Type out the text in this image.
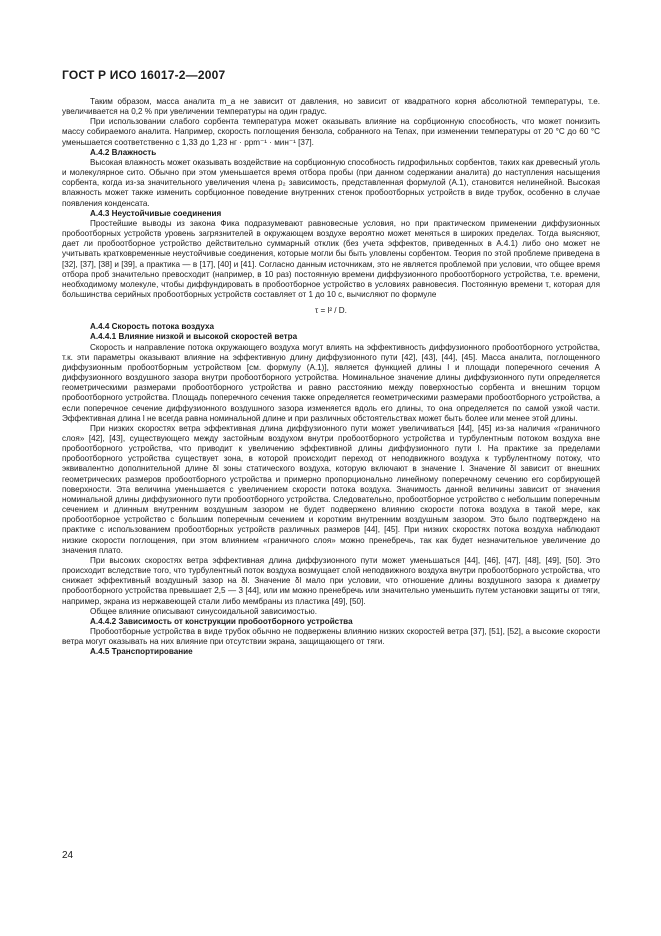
ГОСТ Р ИСО 16017-2—2007

Таким образом, масса аналита m_a не зависит от давления, но зависит от квадратного корня абсолютной температуры, т.е. увеличивается на 0,2 % при увеличении температуры на один градус.

При использовании слабого сорбента температура может оказывать влияние на сорбционную способность, что может понизить массу собираемого аналита. Например, скорость поглощения бензола, собранного на Tenax, при изменении температуры от 20 °С до 60 °С уменьшается соответственно с 1,33 до 1,23 нг · ppm⁻¹ · мин⁻¹ [37].

А.4.2 Влажность

Высокая влажность может оказывать воздействие на сорбционную способность гидрофильных сорбентов, таких как древесный уголь и молекулярное сито. Обычно при этом уменьшается время отбора пробы (при данном содержании аналита) до наступления насыщения сорбента, когда из-за значительного увеличения члена p₂ зависимость, представленная формулой (А.1), становится нелинейной. Высокая влажность может также изменить сорбционное поведение внутренних стенок пробоотборных устройств в виде трубок, особенно в случае появления конденсата.

А.4.3 Неустойчивые соединения

Простейшие выводы из закона Фика подразумевают равновесные условия, но при практическом применении диффузионных пробоотборных устройств уровень загрязнителей в окружающем воздухе вероятно может меняться в широких пределах. Тогда выясняют, дает ли пробоотборное устройство действительно суммарный отклик (без учета эффектов, приведенных в А.4.1) либо оно может не учитывать кратковременные неустойчивые соединения, которые могли бы быть уловлены сорбентом. Теория по этой проблеме приведена в [32], [37], [38] и [39], а практика — в [17], [40] и [41]. Согласно данным источникам, это не является проблемой при условии, что общее время отбора проб значительно превосходит (например, в 10 раз) постоянную времени диффузионного пробоотборного устройства, т.е. времени, необходимому молекуле, чтобы диффундировать в пробоотборное устройство в условиях равновесия. Постоянную времени τ, которая для большинства серийных пробоотборных устройств составляет от 1 до 10 с, вычисляют по формуле

τ = l² / D.

А.4.4 Скорость потока воздуха

А.4.4.1 Влияние низкой и высокой скоростей ветра

Скорость и направление потока окружающего воздуха могут влиять на эффективность диффузионного пробоотборного устройства, т.к. эти параметры оказывают влияние на эффективную длину диффузионного пути [42], [43], [44], [45]. Масса аналита, поглощенного диффузионным пробоотборным устройством [см. формулу (А.1)], является функцией длины l и площади поперечного сечения A диффузионного воздушного зазора внутри пробоотборного устройства. Номинальное значение длины диффузионного пути определяется геометрическими размерами пробоотборного устройства и равно расстоянию между поверхностью сорбента и внешним торцом пробоотборного устройства. Площадь поперечного сечения также определяется геометрическими размерами пробоотборного устройства, а если поперечное сечение диффузионного воздушного зазора изменяется вдоль его длины, то она определяется по самой узкой части. Эффективная длина l не всегда равна номинальной длине и при различных обстоятельствах может быть более или менее этой длины.

При низких скоростях ветра эффективная длина диффузионного пути может увеличиваться [44], [45] из-за наличия «граничного слоя» [42], [43], существующего между застойным воздухом внутри пробоотборного устройства и турбулентным потоком воздуха вне пробоотборного устройства, что приводит к увеличению эффективной длины диффузионного пути l. На практике за пределами пробоотборного устройства существует зона, в которой происходит переход от неподвижного воздуха к турбулентному потоку, что эквивалентно дополнительной длине δl зоны статического воздуха, которую включают в значение l. Значение δl зависит от внешних геометрических размеров пробоотборного устройства и примерно пропорционально линейному поперечному сечению его сорбирующей поверхности. Эта величина уменьшается с увеличением скорости потока воздуха. Значимость данной величины зависит от значения номинальной длины диффузионного пути пробоотборного устройства. Следовательно, пробоотборное устройство с небольшим поперечным сечением и длинным внутренним воздушным зазором не будет подвержено влиянию скорости потока воздуха в такой мере, как пробоотборное устройство с большим поперечным сечением и коротким внутренним воздушным зазором. Это было подтверждено на практике с использованием пробоотборных устройств различных размеров [44], [45]. При низких скоростях потока воздуха наблюдают низкие скорости поглощения, при этом влиянием «граничного слоя» можно пренебречь, так как будет незначительное увеличение до значения плато.

При высоких скоростях ветра эффективная длина диффузионного пути может уменьшаться [44], [46], [47], [48], [49], [50]. Это происходит вследствие того, что турбулентный поток воздуха возмущает слой неподвижного воздуха внутри пробоотборного устройства, что снижает эффективный воздушный зазор на δl. Значение δl мало при условии, что отношение длины воздушного зазора к диаметру пробоотборного устройства превышает 2,5 — 3 [44], или им можно пренебречь или значительно уменьшить путем установки защиты от тяги, например, экрана из нержавеющей стали либо мембраны из пластика [49], [50].

Общее влияние описывают синусоидальной зависимостью.

А.4.4.2 Зависимость от конструкции пробоотборного устройства

Пробоотборные устройства в виде трубок обычно не подвержены влиянию низких скоростей ветра [37], [51], [52], а высокие скорости ветра могут оказывать на них влияние при отсутствии экрана, защищающего от тяги.

А.4.5 Транспортирование

24
